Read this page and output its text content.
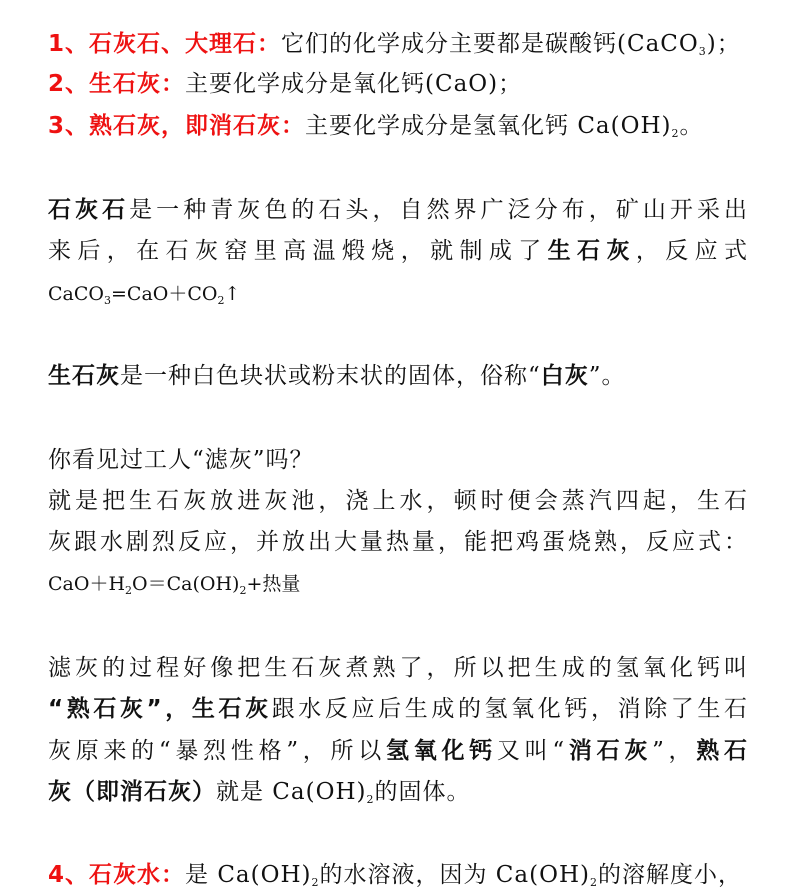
1、石灰石、大理石：它们的化学成分主要都是碳酸钙(CaCO$_3$)；
2、生石灰：主要化学成分是氧化钙(CaO)；
3、熟石灰，即消石灰：主要化学成分是氢氧化钙 $Ca(OH)_2$。
石灰石是一种青灰色的石头，自然界广泛分布，矿山开采出
来后，在石灰窑里高温煅烧，就制成了生石灰，反应式
$CaCO_3=CaO+CO_2↑$
生石灰是一种白色块状或粉末状的固体，俗称“白灰”。
你看见过工人“滤灰”吗？
就是把生石灰放进灰池，浇上水，顿时便会蒸汽四起，生石
灰跟水剧烈反应，并放出大量热量，能把鸡蛋烧熟，反应式：
$CaO+H_2O=Ca(OH)_2+$热量
滤灰的过程好像把生石灰煮熟了，所以把生成的氢氧化钙叫
“熟石灰”，生石灰跟水反应后生成的氢氧化钙，消除了生石
灰原来的“暴烈性格”，所以氢氧化钙又叫“消石灰”，熟石
灰（即消石灰）就是 $Ca(OH)_2$的固体。
4、石灰水：是 $Ca(OH)_2$的水溶液，因为 $Ca(OH)_2$的溶解度小，
